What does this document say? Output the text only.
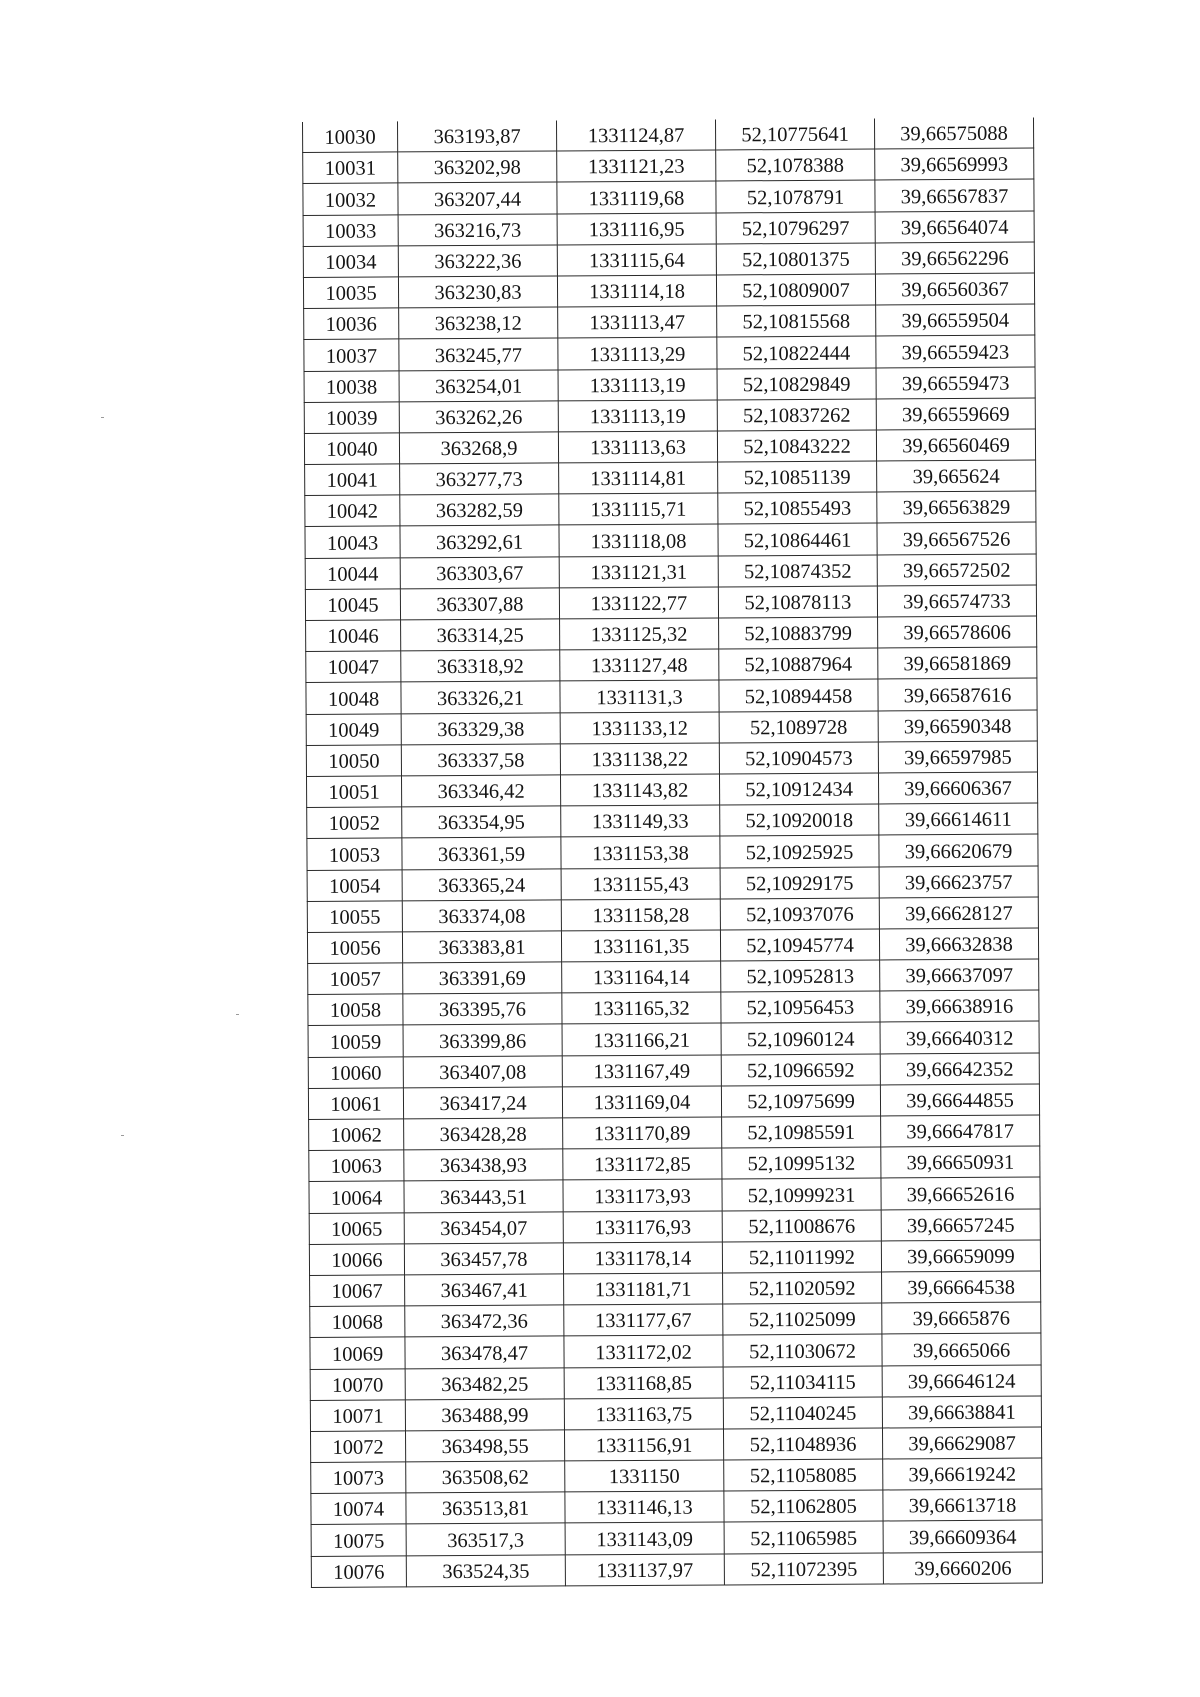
10030	363193,87	1331124,87	52,10775641	39,66575088
10031	363202,98	1331121,23	52,1078388	39,66569993
10032	363207,44	1331119,68	52,1078791	39,66567837
10033	363216,73	1331116,95	52,10796297	39,66564074
10034	363222,36	1331115,64	52,10801375	39,66562296
10035	363230,83	1331114,18	52,10809007	39,66560367
10036	363238,12	1331113,47	52,10815568	39,66559504
10037	363245,77	1331113,29	52,10822444	39,66559423
10038	363254,01	1331113,19	52,10829849	39,66559473
10039	363262,26	1331113,19	52,10837262	39,66559669
10040	363268,9	1331113,63	52,10843222	39,66560469
10041	363277,73	1331114,81	52,10851139	39,665624
10042	363282,59	1331115,71	52,10855493	39,66563829
10043	363292,61	1331118,08	52,10864461	39,66567526
10044	363303,67	1331121,31	52,10874352	39,66572502
10045	363307,88	1331122,77	52,10878113	39,66574733
10046	363314,25	1331125,32	52,10883799	39,66578606
10047	363318,92	1331127,48	52,10887964	39,66581869
10048	363326,21	1331131,3	52,10894458	39,66587616
10049	363329,38	1331133,12	52,1089728	39,66590348
10050	363337,58	1331138,22	52,10904573	39,66597985
10051	363346,42	1331143,82	52,10912434	39,66606367
10052	363354,95	1331149,33	52,10920018	39,66614611
10053	363361,59	1331153,38	52,10925925	39,66620679
10054	363365,24	1331155,43	52,10929175	39,66623757
10055	363374,08	1331158,28	52,10937076	39,66628127
10056	363383,81	1331161,35	52,10945774	39,66632838
10057	363391,69	1331164,14	52,10952813	39,66637097
10058	363395,76	1331165,32	52,10956453	39,66638916
10059	363399,86	1331166,21	52,10960124	39,66640312
10060	363407,08	1331167,49	52,10966592	39,66642352
10061	363417,24	1331169,04	52,10975699	39,66644855
10062	363428,28	1331170,89	52,10985591	39,66647817
10063	363438,93	1331172,85	52,10995132	39,66650931
10064	363443,51	1331173,93	52,10999231	39,66652616
10065	363454,07	1331176,93	52,11008676	39,66657245
10066	363457,78	1331178,14	52,11011992	39,66659099
10067	363467,41	1331181,71	52,11020592	39,66664538
10068	363472,36	1331177,67	52,11025099	39,6665876
10069	363478,47	1331172,02	52,11030672	39,6665066
10070	363482,25	1331168,85	52,11034115	39,66646124
10071	363488,99	1331163,75	52,11040245	39,66638841
10072	363498,55	1331156,91	52,11048936	39,66629087
10073	363508,62	1331150	52,11058085	39,66619242
10074	363513,81	1331146,13	52,11062805	39,66613718
10075	363517,3	1331143,09	52,11065985	39,66609364
10076	363524,35	1331137,97	52,11072395	39,6660206
